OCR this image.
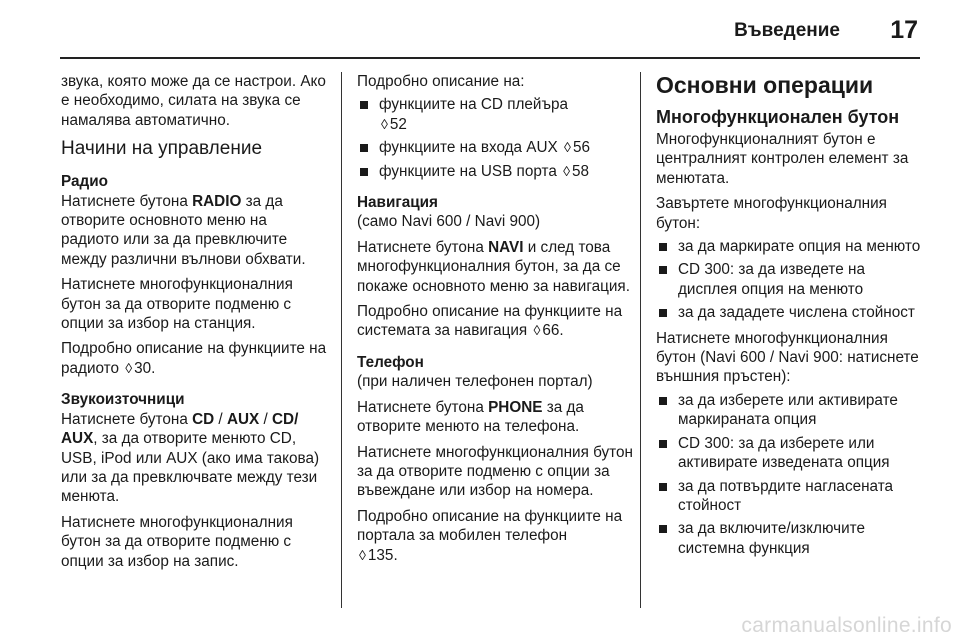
Въведение 17

звука, която може да се настрои. Ако е необходимо, силата на звука се намалява автоматично.

Начини на управление
Радио

Натиснете бутона RADIO за да отворите основното меню на радиото или за да превключите между различни вълнови обхвати.

Натиснете многофункционалния бутон за да отворите подменю с опции за избор на станция.

Подробно описание на функциите на радиото ◊ 30.

Звукоизточници

Натиснете бутона CD / AUX / CD/ AUX, за да отворите менюто CD, USB, iPod или AUX (ако има такова) или за да превключвате между тези менюта.

Натиснете многофункционалния бутон за да отворите подменю с опции за избор на запис.

Подробно описание на:

функциите на CD плейъра
◊ 52
функциите на входа AUX ◊ 56
функциите на USB порта ◊ 58
Навигация

(само Navi 600 / Navi 900)

Натиснете бутона NAVI и след това многофункционалния бутон, за да се покаже основното меню за навигация.

Подробно описание на функциите на системата за навигация ◊ 66.

Телефон

(при наличен телефонен портал)

Натиснете бутона PHONE за да отворите менюто на телефона.

Натиснете многофункционалния бутон за да отворите подменю с опции за въвеждане или избор на номера.

Подробно описание на функциите на портала за мобилен телефон
◊ 135.

Основни операции
Многофункционален бутон

Многофункционалният бутон е централният контролен елемент за менютата.

Завъртете многофункционалния бутон:

за да маркирате опция на менюто
CD 300: за да изведете на дисплея опция на менюто
за да зададете числена стойност

Натиснете многофункционалния бутон (Navi 600 / Navi 900: натиснете външния пръстен):

за да изберете или активирате маркираната опция
CD 300: за да изберете или активирате изведената опция
за да потвърдите нагласената стойност
за да включите/изключите системна функция
carmanualsonline.info
